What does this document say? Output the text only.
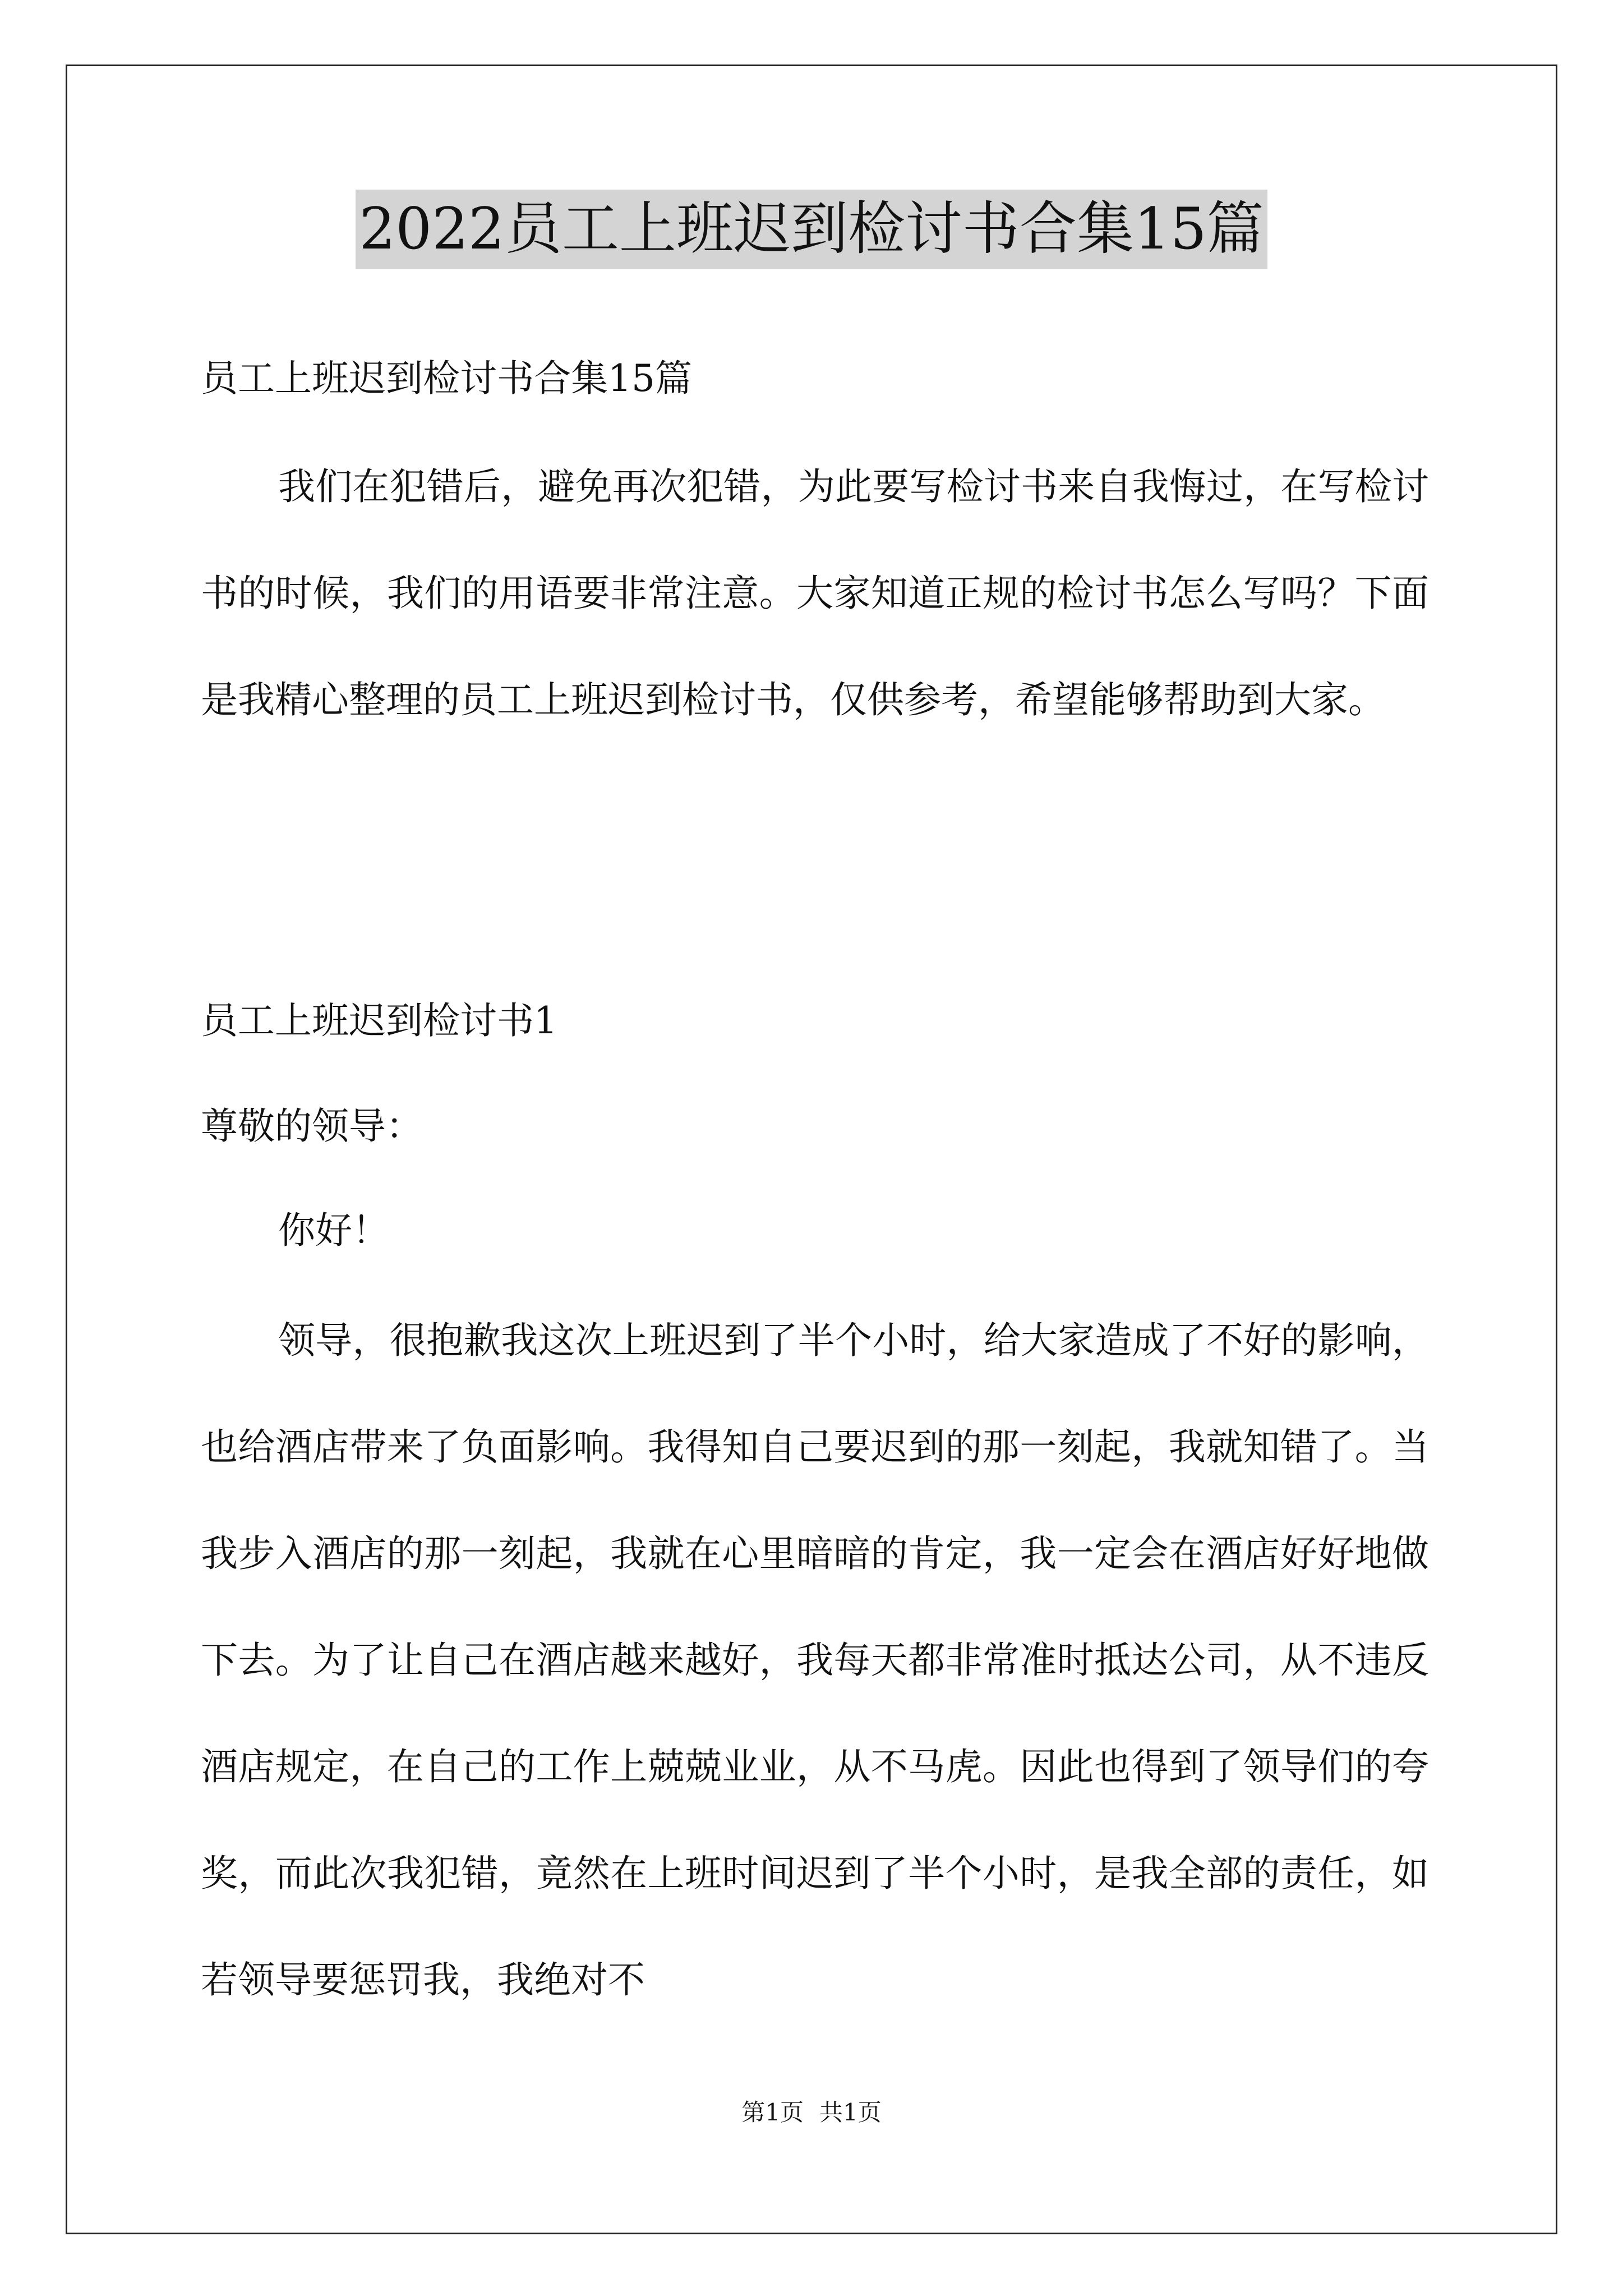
2022员工上班迟到检讨书合集15篇
员工上班迟到检讨书合集15篇
我们在犯错后，避免再次犯错，为此要写检讨书来自我悔过，在写检讨书的时候，我们的用语要非常注意。大家知道正规的检讨书怎么写吗？下面是我精心整理的员工上班迟到检讨书，仅供参考，希望能够帮助到大家。
员工上班迟到检讨书1
尊敬的领导：
你好！
领导，很抱歉我这次上班迟到了半个小时，给大家造成了不好的影响，也给酒店带来了负面影响。我得知自己要迟到的那一刻起，我就知错了。当我步入酒店的那一刻起，我就在心里暗暗的肯定，我一定会在酒店好好地做下去。为了让自己在酒店越来越好，我每天都非常准时抵达公司，从不违反酒店规定，在自己的工作上兢兢业业，从不马虎。因此也得到了领导们的夸奖，而此次我犯错，竟然在上班时间迟到了半个小时，是我全部的责任，如若领导要惩罚我，我绝对不
第1页 共1页
